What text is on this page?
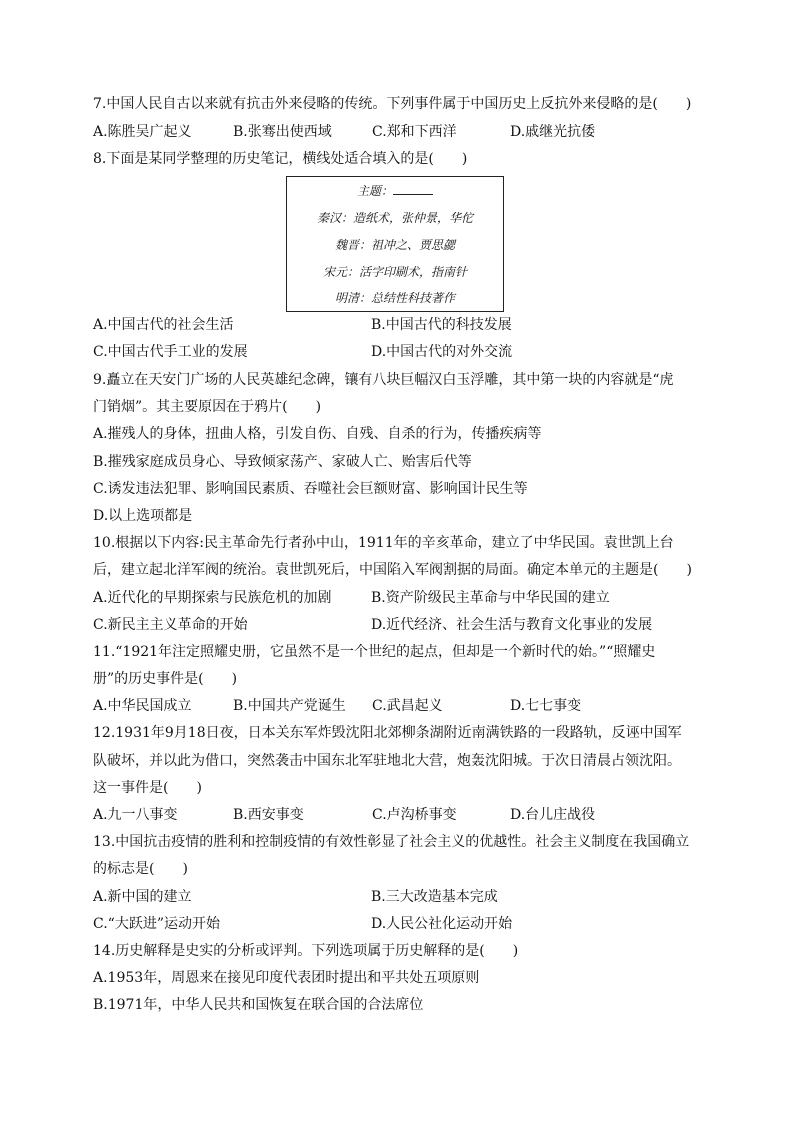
7.中国人民自古以来就有抗击外来侵略的传统。下列事件属于中国历史上反抗外来侵略的是(　　)
A.陈胜吴广起义	B.张骞出使西域	C.郑和下西洋	D.戚继光抗倭
8.下面是某同学整理的历史笔记，横线处适合填入的是(　　)
主题：
秦汉：造纸术，张仲景，华佗
魏晋：祖冲之、贾思勰
宋元：活字印刷术，指南针
明清：总结性科技著作
A.中国古代的社会生活	B.中国古代的科技发展
C.中国古代手工业的发展	D.中国古代的对外交流
9.矗立在天安门广场的人民英雄纪念碑，镶有八块巨幅汉白玉浮雕，其中第一块的内容就是“虎
门销烟”。其主要原因在于鸦片(　　)
A.摧残人的身体，扭曲人格，引发自伤、自残、自杀的行为，传播疾病等
B.摧残家庭成员身心、导致倾家荡产、家破人亡、贻害后代等
C.诱发违法犯罪、影响国民素质、吞噬社会巨额财富、影响国计民生等
D.以上选项都是
10.根据以下内容:民主革命先行者孙中山，1911年的辛亥革命，建立了中华民国。袁世凯上台
后，建立起北洋军阀的统治。袁世凯死后，中国陷入军阀割据的局面。确定本单元的主题是(　　)
A.近代化的早期探索与民族危机的加剧	B.资产阶级民主革命与中华民国的建立
C.新民主主义革命的开始	D.近代经济、社会生活与教育文化事业的发展
11.“1921年注定照耀史册，它虽然不是一个世纪的起点，但却是一个新时代的始。”“照耀史
册”的历史事件是(　　)
A.中华民国成立	B.中国共产党诞生 C.武昌起义	D.七七事变
12.1931年9月18日夜，日本关东军炸毁沈阳北郊柳条湖附近南满铁路的一段路轨，反诬中国军
队破坏，并以此为借口，突然袭击中国东北军驻地北大营，炮轰沈阳城。于次日清晨占领沈阳。
这一事件是(　　)
A.九一八事变	B.西安事变	C.卢沟桥事变	D.台儿庄战役
13.中国抗击疫情的胜利和控制疫情的有效性彰显了社会主义的优越性。社会主义制度在我国确立
的标志是(　　)
A.新中国的建立	B.三大改造基本完成
C.“大跃进”运动开始	D.人民公社化运动开始
14.历史解释是史实的分析或评判。下列选项属于历史解释的是(　　)
A.1953年，周恩来在接见印度代表团时提出和平共处五项原则
B.1971年，中华人民共和国恢复在联合国的合法席位
